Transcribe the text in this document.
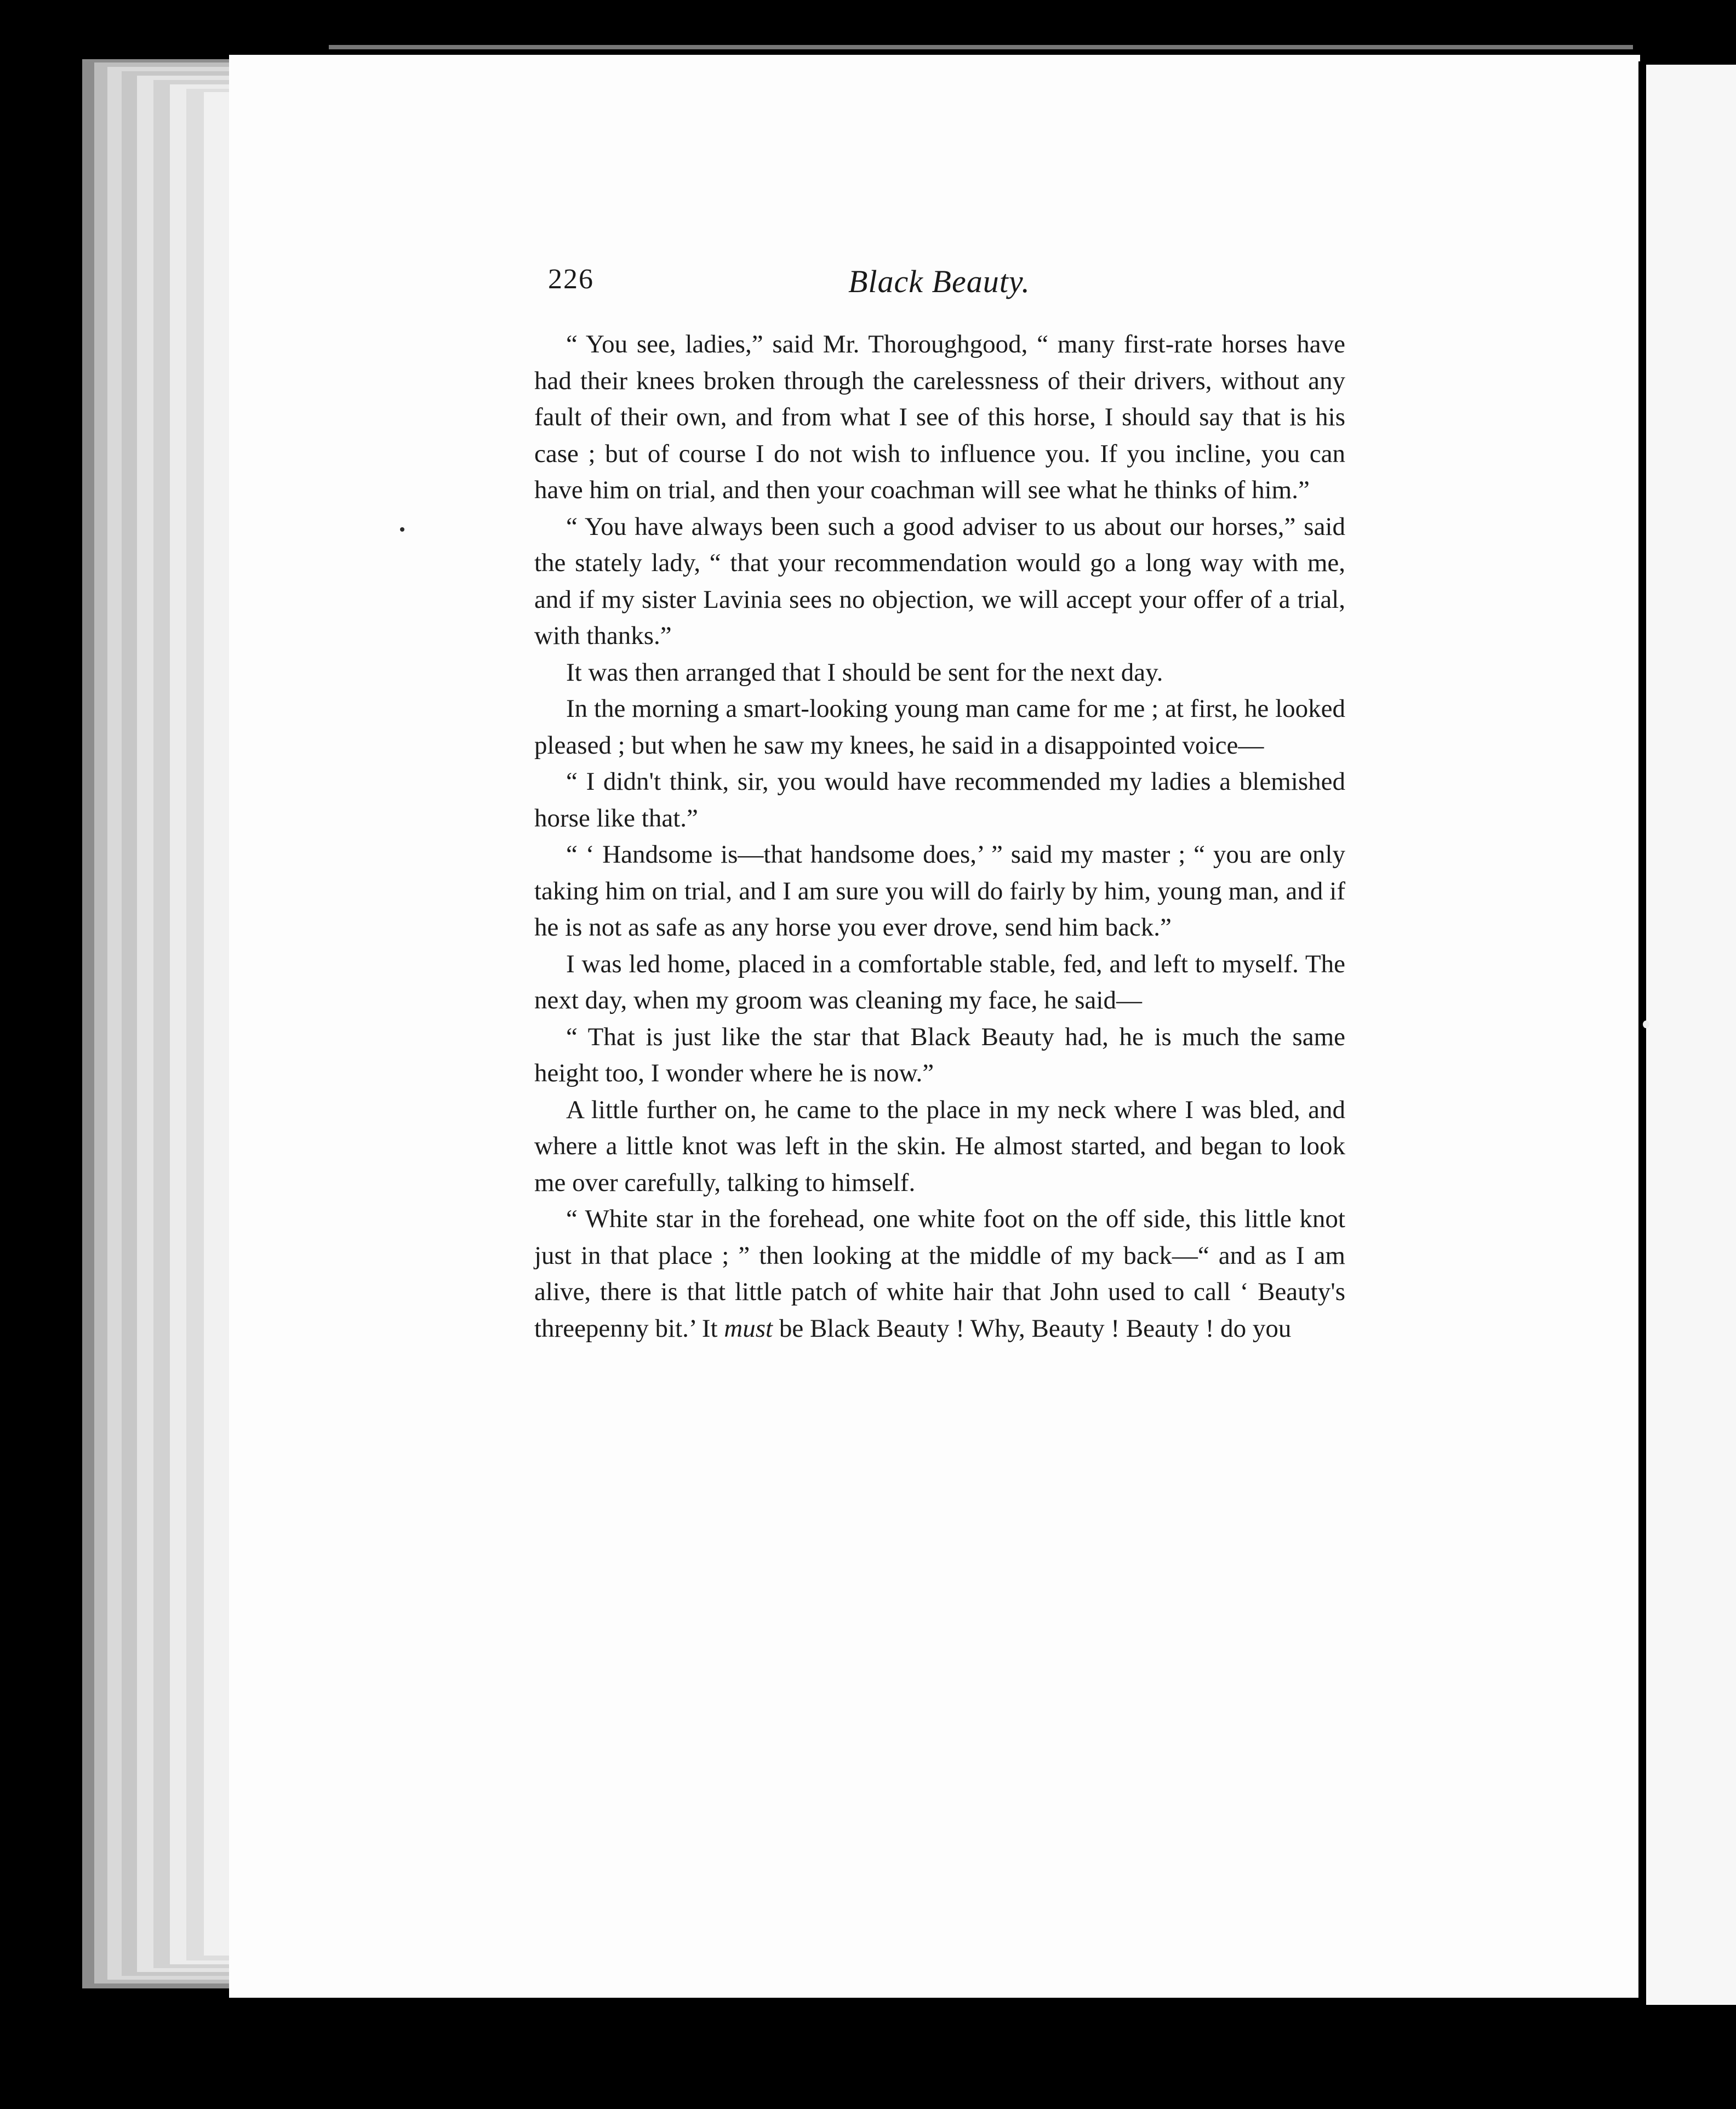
226	Black Beauty.

“ You see, ladies,” said Mr. Thoroughgood, “ many first-rate horses have had their knees broken through the carelessness of their drivers, without any fault of their own, and from what I see of this horse, I should say that is his case ; but of course I do not wish to influence you. If you incline, you can have him on trial, and then your coachman will see what he thinks of him.”

“ You have always been such a good adviser to us about our horses,” said the stately lady, “ that your recommendation would go a long way with me, and if my sister Lavinia sees no objection, we will accept your offer of a trial, with thanks.”

It was then arranged that I should be sent for the next day.

In the morning a smart-looking young man came for me ; at first, he looked pleased ; but when he saw my knees, he said in a disappointed voice—

“ I didn't think, sir, you would have recommended my ladies a blemished horse like that.”

“ ‘ Handsome is—that handsome does,’ ” said my master ; “ you are only taking him on trial, and I am sure you will do fairly by him, young man, and if he is not as safe as any horse you ever drove, send him back.”

I was led home, placed in a comfortable stable, fed, and left to myself. The next day, when my groom was cleaning my face, he said—

“ That is just like the star that Black Beauty had, he is much the same height too, I wonder where he is now.”

A little further on, he came to the place in my neck where I was bled, and where a little knot was left in the skin. He almost started, and began to look me over carefully, talking to himself.

“ White star in the forehead, one white foot on the off side, this little knot just in that place ; ” then looking at the middle of my back—“ and as I am alive, there is that little patch of white hair that John used to call ‘ Beauty's threepenny bit.’ It must be Black Beauty ! Why, Beauty ! Beauty ! do you
